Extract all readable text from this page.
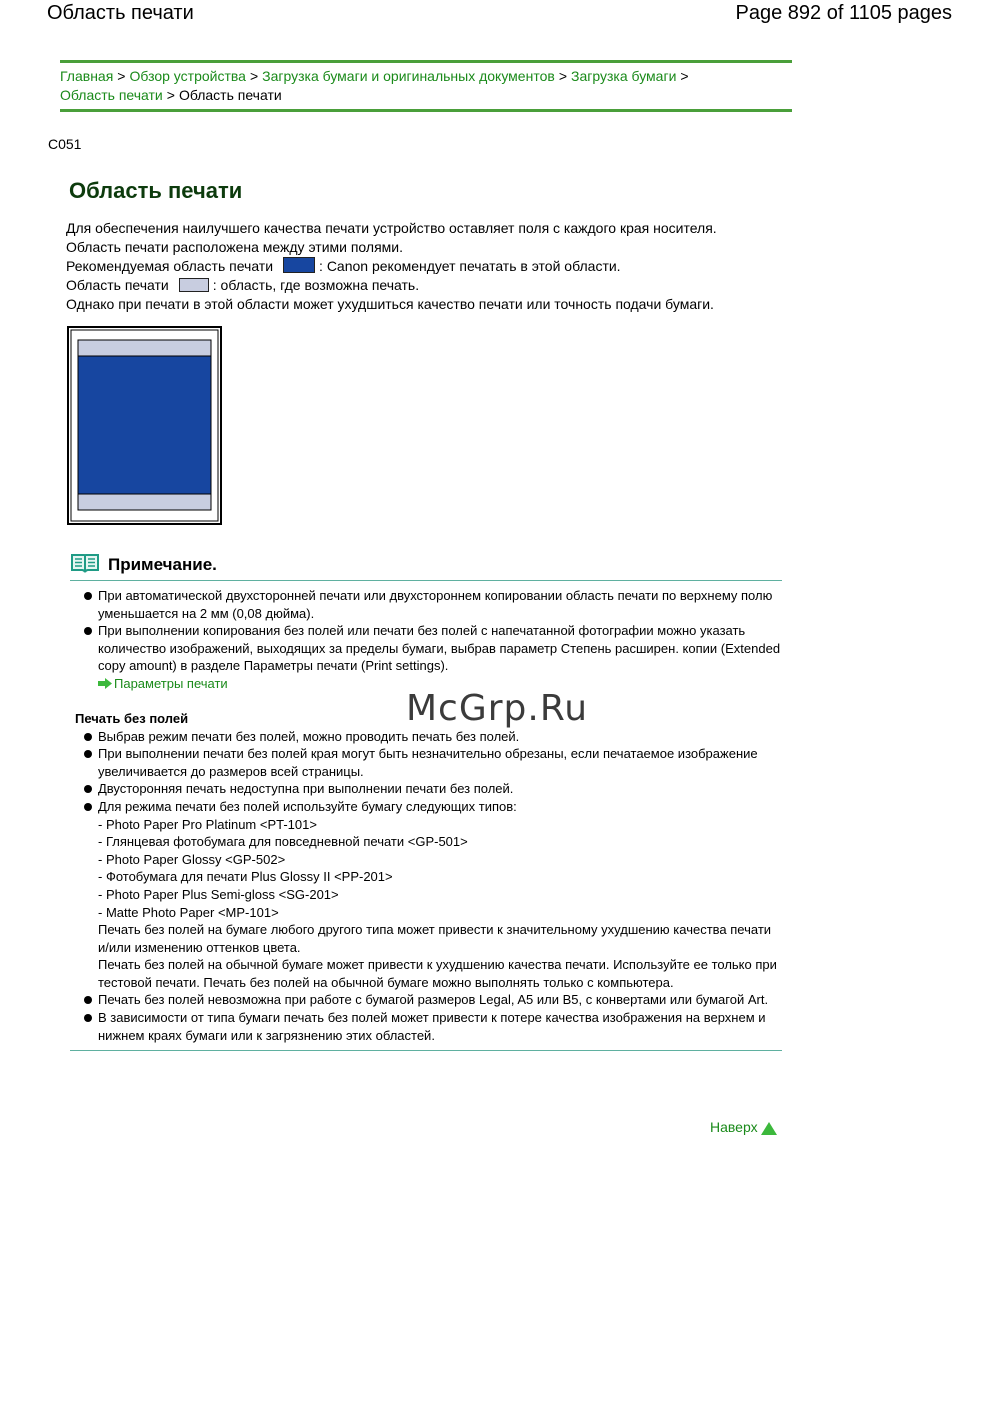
Область печати	Page 892 of 1105 pages
Главная > Обзор устройства > Загрузка бумаги и оригинальных документов > Загрузка бумаги >
Область печати > Область печати
C051
Область печати
Для обеспечения наилучшего качества печати устройство оставляет поля с каждого края носителя.
Область печати расположена между этими полями.
Рекомендуемая область печати	: Canon рекомендует печатать в этой области.
Область печати	: область, где возможна печать.
Однако при печати в этой области может ухудшиться качество печати или точность подачи бумаги.
Примечание.
При автоматической двухсторонней печати или двухстороннем копировании область печати по верхнему полю уменьшается на 2 мм (0,08 дюйма).
При выполнении копирования без полей или печати без полей с напечатанной фотографии можно указать количество изображений, выходящих за пределы бумаги, выбрав параметр Степень расширен. копии (Extended copy amount) в разделе Параметры печати (Print settings).
Параметры печати
Печать без полей
Выбрав режим печати без полей, можно проводить печать без полей.
При выполнении печати без полей края могут быть незначительно обрезаны, если печатаемое изображение увеличивается до размеров всей страницы.
Двусторонняя печать недоступна при выполнении печати без полей.
Для режима печати без полей используйте бумагу следующих типов:
- Photo Paper Pro Platinum <PT-101>
- Глянцевая фотобумага для повседневной печати <GP-501>
- Photo Paper Glossy <GP-502>
- Фотобумага для печати Plus Glossy II <PP-201>
- Photo Paper Plus Semi-gloss <SG-201>
- Matte Photo Paper <MP-101>
Печать без полей на бумаге любого другого типа может привести к значительному ухудшению качества печати и/или изменению оттенков цвета.
Печать без полей на обычной бумаге может привести к ухудшению качества печати. Используйте ее только при тестовой печати. Печать без полей на обычной бумаге можно выполнять только с компьютера.
Печать без полей невозможна при работе с бумагой размеров Legal, A5 или B5, с конвертами или бумагой Art.
В зависимости от типа бумаги печать без полей может привести к потере качества изображения на верхнем и нижнем краях бумаги или к загрязнению этих областей.
Наверх
McGrp.Ru
